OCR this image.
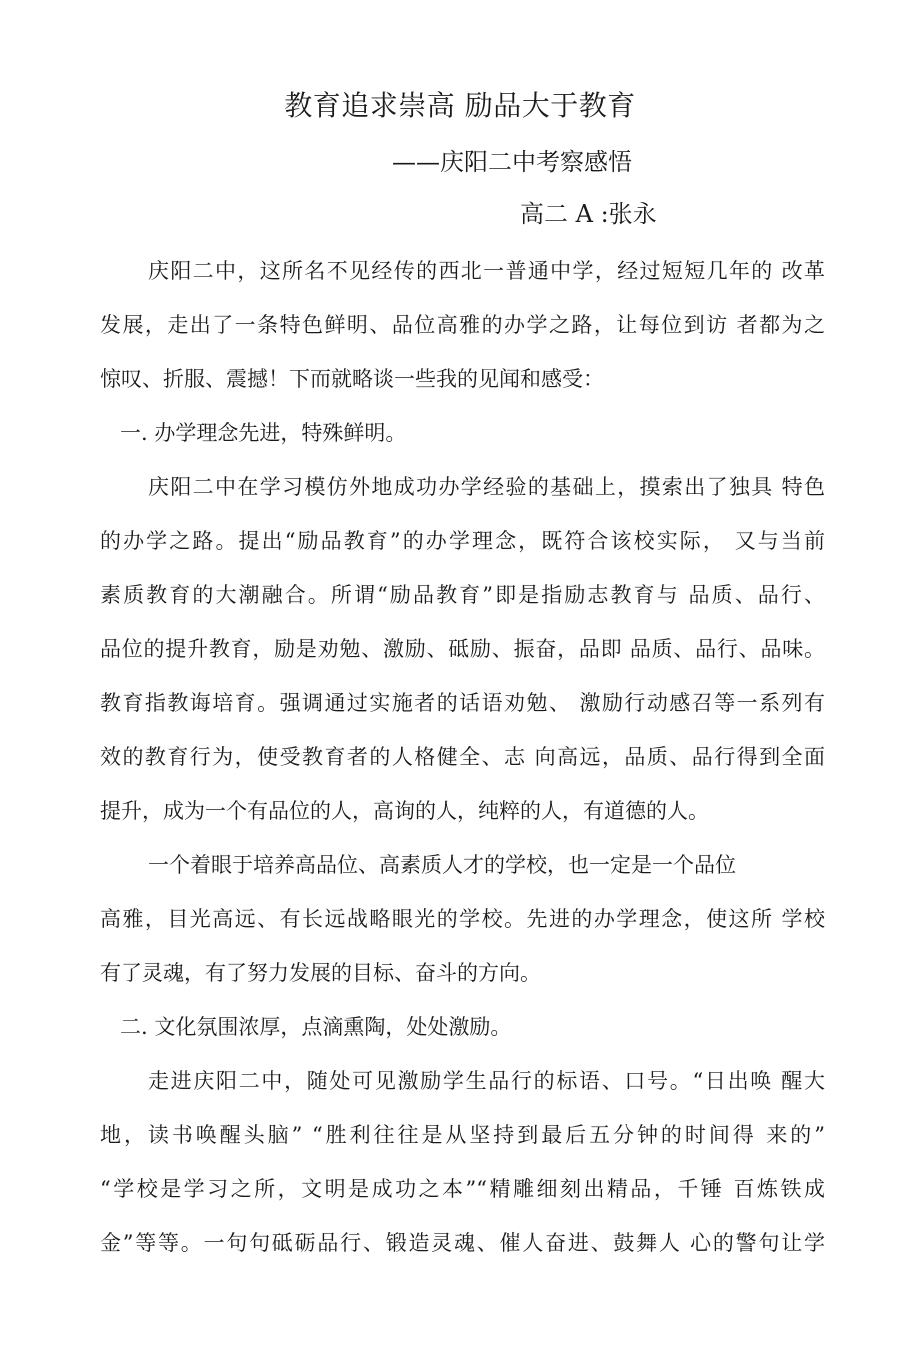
教育追求崇高 励品大于教育
——庆阳二中考察感悟
高二 A :张永
庆阳二中，这所名不见经传的西北一普通中学，经过短短几年的 改革
发展，走出了一条特色鲜明、品位高雅的办学之路，让每位到访 者都为之
惊叹、折服、震撼！下而就略谈一些我的见闻和感受：
一. 办学理念先进，特殊鲜明。
庆阳二中在学习模仿外地成功办学经验的基础上，摸索出了独具 特色
的办学之路。提出“励品教育”的办学理念，既符合该校实际， 又与当前
素质教育的大潮融合。所谓“励品教育”即是指励志教育与 品质、品行、
品位的提升教育，励是劝勉、激励、砥励、振奋，品即 品质、品行、品味。
教育指教诲培育。强调通过实施者的话语劝勉、 激励行动感召等一系列有
效的教育行为，使受教育者的人格健全、志 向高远，品质、品行得到全面
提升，成为一个有品位的人，高询的人，纯粹的人，有道德的人。
一个着眼于培养高品位、高素质人才的学校，也一定是一个品位
高雅，目光高远、有长远战略眼光的学校。先进的办学理念，使这所 学校
有了灵魂，有了努力发展的目标、奋斗的方向。
二. 文化氛围浓厚，点滴熏陶，处处激励。
走进庆阳二中，随处可见激励学生品行的标语、口号。“日出唤 醒大
地，读书唤醒头脑” “胜利往往是从坚持到最后五分钟的时间得 来的”
“学校是学习之所，文明是成功之本”“精雕细刻出精品，千锤 百炼铁成
金”等等。一句句砥砺品行、锻造灵魂、催人奋进、鼓舞人 心的警句让学
